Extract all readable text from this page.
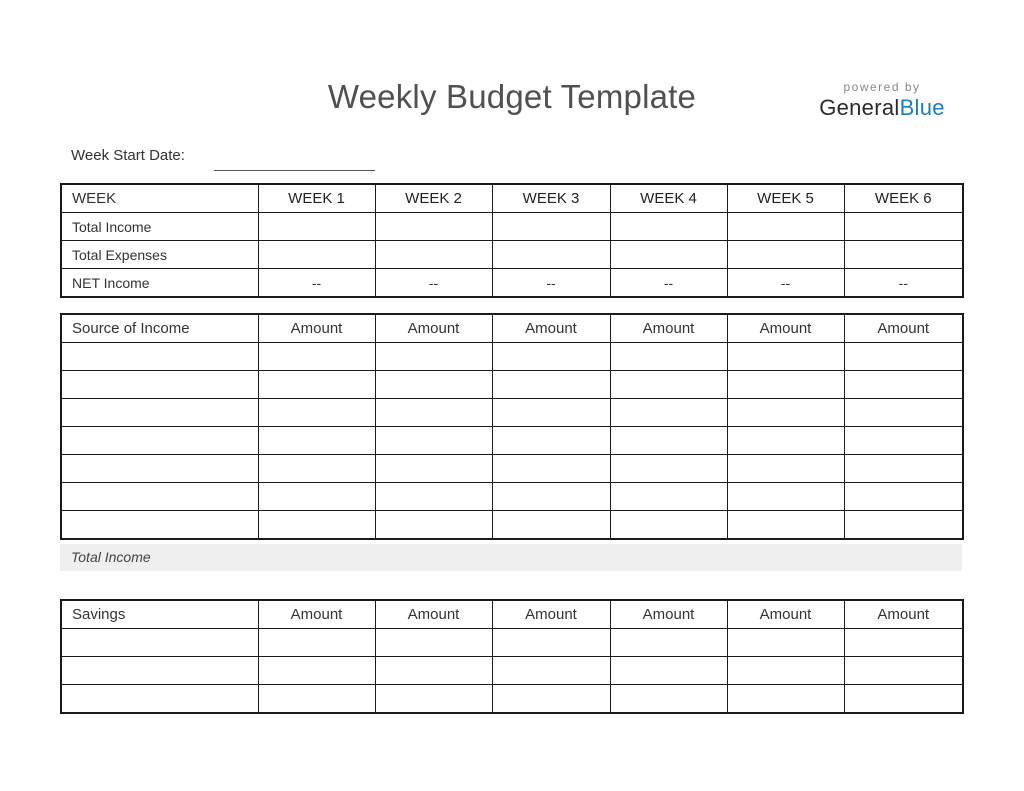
Weekly Budget Template	powered by
GeneralBlue
Week Start Date:
WEEK	WEEK 1	WEEK 2	WEEK 3	WEEK 4	WEEK 5	WEEK 6
Total Income						
Total Expenses						
NET Income	--	--	--	--	--	--
Source of Income	Amount	Amount	Amount	Amount	Amount	Amount

Total Income
Savings	Amount	Amount	Amount	Amount	Amount	Amount
